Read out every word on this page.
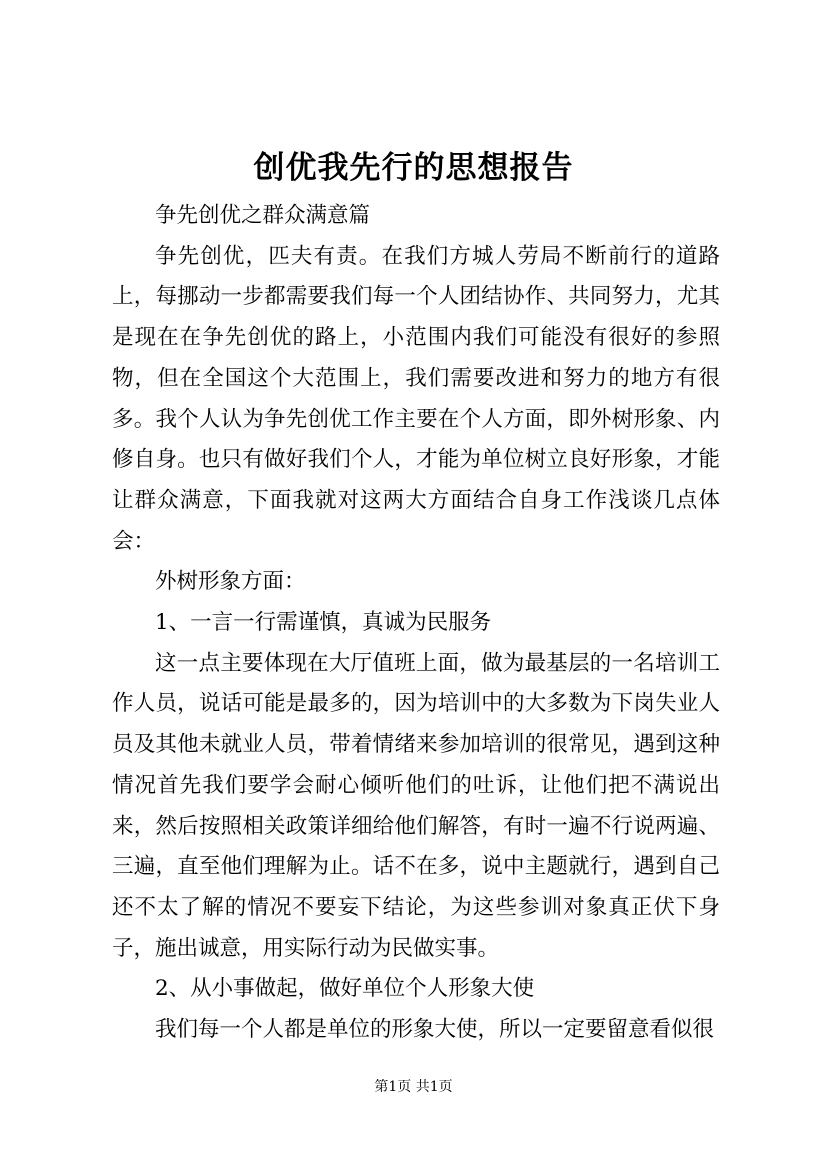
创优我先行的思想报告

争先创优之群众满意篇

争先创优，匹夫有责。在我们方城人劳局不断前行的道路上，每挪动一步都需要我们每一个人团结协作、共同努力，尤其是现在在争先创优的路上，小范围内我们可能没有很好的参照物，但在全国这个大范围上，我们需要改进和努力的地方有很多。我个人认为争先创优工作主要在个人方面，即外树形象、内修自身。也只有做好我们个人，才能为单位树立良好形象，才能让群众满意，下面我就对这两大方面结合自身工作浅谈几点体会：

外树形象方面：

1、一言一行需谨慎，真诚为民服务

这一点主要体现在大厅值班上面，做为最基层的一名培训工作人员，说话可能是最多的，因为培训中的大多数为下岗失业人员及其他未就业人员，带着情绪来参加培训的很常见，遇到这种情况首先我们要学会耐心倾听他们的吐诉，让他们把不满说出来，然后按照相关政策详细给他们解答，有时一遍不行说两遍、三遍，直至他们理解为止。话不在多，说中主题就行，遇到自己还不太了解的情况不要妄下结论，为这些参训对象真正伏下身子，施出诚意，用实际行动为民做实事。

2、从小事做起，做好单位个人形象大使

我们每一个人都是单位的形象大使，所以一定要留意看似很

第1页 共1页
